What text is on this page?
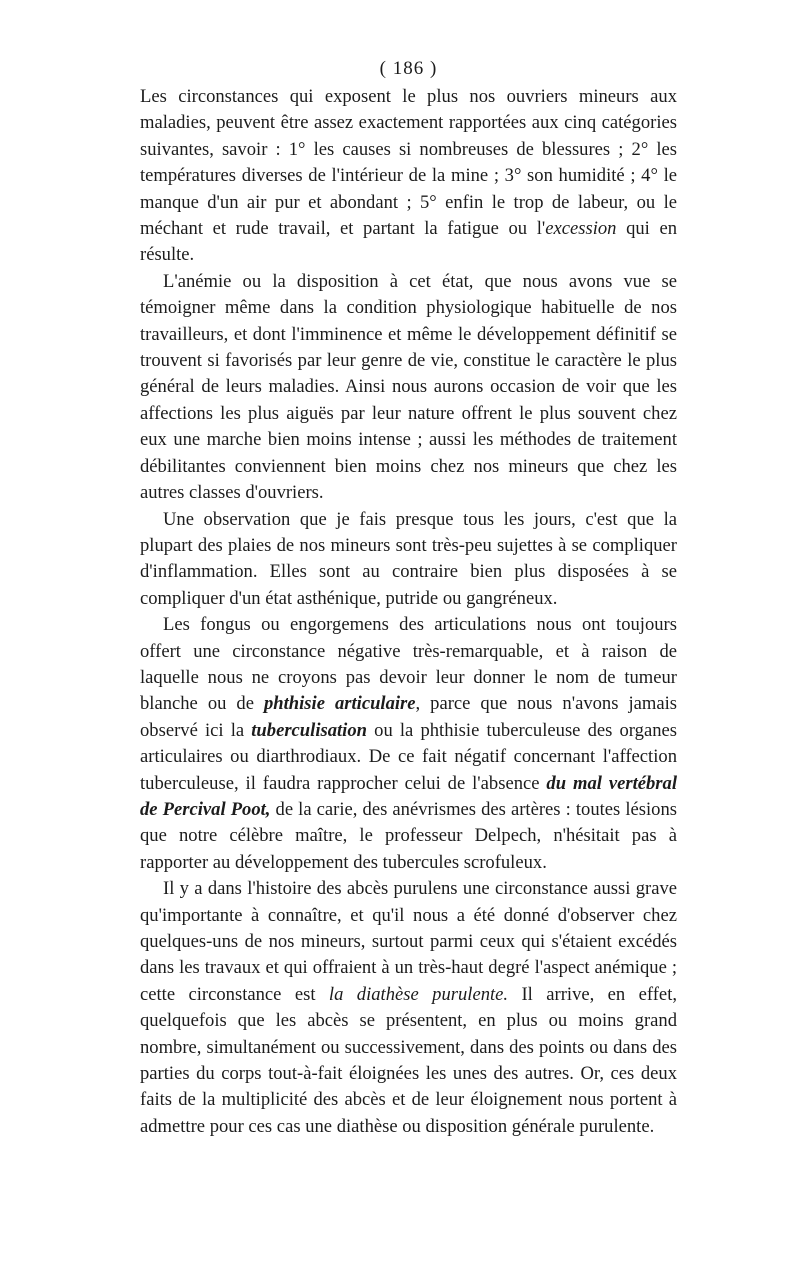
( 186 )

Les circonstances qui exposent le plus nos ouvriers mineurs aux maladies, peuvent être assez exactement rapportées aux cinq catégories suivantes, savoir : 1° les causes si nombreuses de blessures ; 2° les températures diverses de l'intérieur de la mine ; 3° son humidité ; 4° le manque d'un air pur et abondant ; 5° enfin le trop de labeur, ou le méchant et rude travail, et partant la fatigue ou l'excession qui en résulte.

L'anémie ou la disposition à cet état, que nous avons vue se témoigner même dans la condition physiologique habituelle de nos travailleurs, et dont l'imminence et même le développement définitif se trouvent si favorisés par leur genre de vie, constitue le caractère le plus général de leurs maladies. Ainsi nous aurons occasion de voir que les affections les plus aiguës par leur nature offrent le plus souvent chez eux une marche bien moins intense ; aussi les méthodes de traitement débilitantes conviennent bien moins chez nos mineurs que chez les autres classes d'ouvriers.

Une observation que je fais presque tous les jours, c'est que la plupart des plaies de nos mineurs sont très-peu sujettes à se compliquer d'inflammation. Elles sont au contraire bien plus disposées à se compliquer d'un état asthénique, putride ou gangréneux.

Les fongus ou engorgemens des articulations nous ont toujours offert une circonstance négative très-remarquable, et à raison de laquelle nous ne croyons pas devoir leur donner le nom de tumeur blanche ou de phthisie articulaire, parce que nous n'avons jamais observé ici la tuberculisation ou la phthisie tuberculeuse des organes articulaires ou diarthrodiaux. De ce fait négatif concernant l'affection tuberculeuse, il faudra rapprocher celui de l'absence du mal vertébral de Percival Poot, de la carie, des anévrismes des artères : toutes lésions que notre célèbre maître, le professeur Delpech, n'hésitait pas à rapporter au développement des tubercules scrofuleux.

Il y a dans l'histoire des abcès purulens une circonstance aussi grave qu'importante à connaître, et qu'il nous a été donné d'observer chez quelques-uns de nos mineurs, surtout parmi ceux qui s'étaient excédés dans les travaux et qui offraient à un très-haut degré l'aspect anémique ; cette circonstance est la diathèse purulente. Il arrive, en effet, quelquefois que les abcès se présentent, en plus ou moins grand nombre, simultanément ou successivement, dans des points ou dans des parties du corps tout-à-fait éloignées les unes des autres. Or, ces deux faits de la multiplicité des abcès et de leur éloignement nous portent à admettre pour ces cas une diathèse ou disposition générale purulente.
